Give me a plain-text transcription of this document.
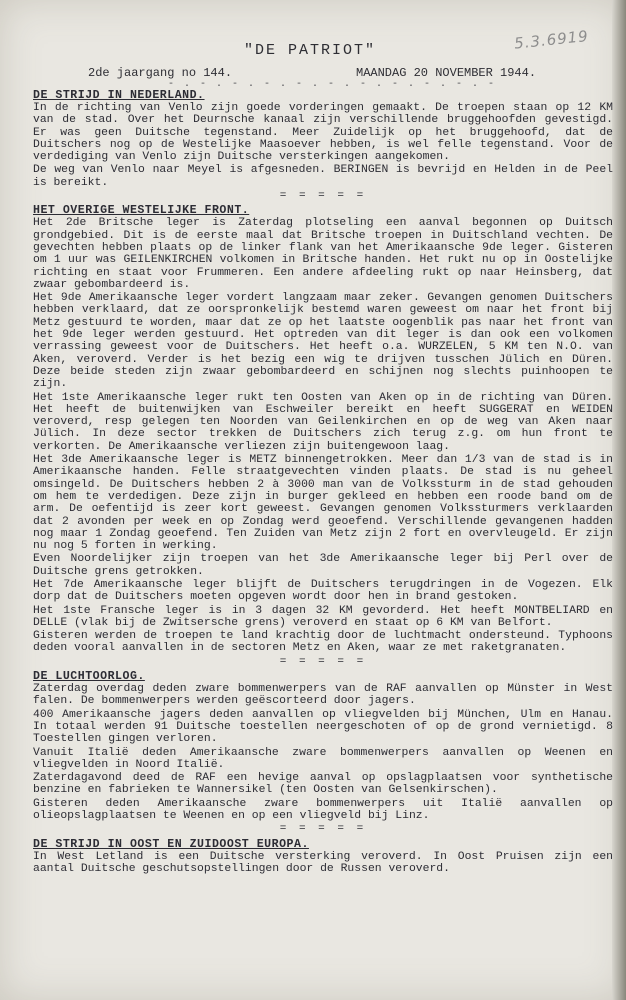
5.3.6919
"DE PATRIOT"
2de jaargang no 144.	MAANDAG 20 NOVEMBER 1944.
- . - . - . - . - . - . - . - . - . - . -
DE STRIJD IN NEDERLAND.

In de richting van Venlo zijn goede vorderingen gemaakt. De troepen staan op 12 KM van de stad. Over het Deurnsche kanaal zijn verschillende bruggehoofden gevestigd. Er was geen Duitsche tegenstand. Meer Zuidelijk op het bruggehoofd, dat de Duitschers nog op de Westelijke Maasoever hebben, is wel felle tegenstand. Voor de verdediging van Venlo zijn Duitsche versterkingen aangekomen.

De weg van Venlo naar Meyel is afgesneden. BERINGEN is bevrijd en Helden in de Peel is bereikt.

= = = = =
HET OVERIGE WESTELIJKE FRONT.

Het 2de Britsche leger is Zaterdag plotseling een aanval begonnen op Duitsch grondgebied. Dit is de eerste maal dat Britsche troepen in Duitschland vechten. De gevechten hebben plaats op de linker flank van het Amerikaansche 9de leger. Gisteren om 1 uur was GEILENKIRCHEN volkomen in Britsche handen. Het rukt nu op in Oostelijke richting en staat voor Frummeren. Een andere afdeeling rukt op naar Heinsberg, dat zwaar gebombardeerd is.

Het 9de Amerikaansche leger vordert langzaam maar zeker. Gevangen genomen Duitschers hebben verklaard, dat ze oorspronkelijk bestemd waren geweest om naar het front bij Metz gestuurd te worden, maar dat ze op het laatste oogenblik pas naar het front van het 9de leger werden gestuurd. Het optreden van dit leger is dan ook een volkomen verrassing geweest voor de Duitschers. Het heeft o.a. WURZELEN, 5 KM ten N.O. van Aken, veroverd. Verder is het bezig een wig te drijven tusschen Jülich en Düren. Deze beide steden zijn zwaar gebombardeerd en schijnen nog slechts puinhoopen te zijn.

Het 1ste Amerikaansche leger rukt ten Oosten van Aken op in de richting van Düren. Het heeft de buitenwijken van Eschweiler bereikt en heeft SUGGERAT en WEIDEN veroverd, resp gelegen ten Noorden van Geilenkirchen en op de weg van Aken naar Jülich. In deze sector trekken de Duitschers zich terug z.g. om hun front te verkorten. De Amerikaansche verliezen zijn buitengewoon laag.

Het 3de Amerikaansche leger is METZ binnengetrokken. Meer dan 1/3 van de stad is in Amerikaansche handen. Felle straatgevechten vinden plaats. De stad is nu geheel omsingeld. De Duitschers hebben 2 à 3000 man van de Volkssturm in de stad gehouden om hem te verdedigen. Deze zijn in burger gekleed en hebben een roode band om de arm. De oefentijd is zeer kort geweest. Gevangen genomen Volkssturmers verklaarden dat 2 avonden per week en op Zondag werd geoefend. Verschillende gevangenen hadden nog maar 1 Zondag geoefend. Ten Zuiden van Metz zijn 2 fort en overvleugeld. Er zijn nu nog 5 forten in werking.

Even Noordelijker zijn troepen van het 3de Amerikaansche leger bij Perl over de Duitsche grens getrokken.

Het 7de Amerikaansche leger blijft de Duitschers terugdringen in de Vogezen. Elk dorp dat de Duitschers moeten opgeven wordt door hen in brand gestoken.

Het 1ste Fransche leger is in 3 dagen 32 KM gevorderd. Het heeft MONTBELIARD en DELLE (vlak bij de Zwitsersche grens) veroverd en staat op 6 KM van Belfort.

Gisteren werden de troepen te land krachtig door de luchtmacht ondersteund. Typhoons deden vooral aanvallen in de sectoren Metz en Aken, waar ze met raketgranaten.

= = = = =
DE LUCHTOORLOG.

Zaterdag overdag deden zware bommenwerpers van de RAF aanvallen op Münster in West falen. De bommenwerpers werden geëscorteerd door jagers.

400 Amerikaansche jagers deden aanvallen op vliegvelden bij München, Ulm en Hanau. In totaal werden 91 Duitsche toestellen neergeschoten of op de grond vernietigd. 8 Toestellen gingen verloren.

Vanuit Italië deden Amerikaansche zware bommenwerpers aanvallen op Weenen en vliegvelden in Noord Italië.

Zaterdagavond deed de RAF een hevige aanval op opslagplaatsen voor synthetische benzine en fabrieken te Wannersikel (ten Oosten van Gelsenkirschen).

Gisteren deden Amerikaansche zware bommenwerpers uit Italië aanvallen op olieopslagplaatsen te Weenen en op een vliegveld bij Linz.

= = = = =
DE STRIJD IN OOST EN ZUIDOOST EUROPA.

In West Letland is een Duitsche versterking veroverd. In Oost Pruisen zijn een aantal Duitsche geschutsopstellingen door de Russen veroverd.
